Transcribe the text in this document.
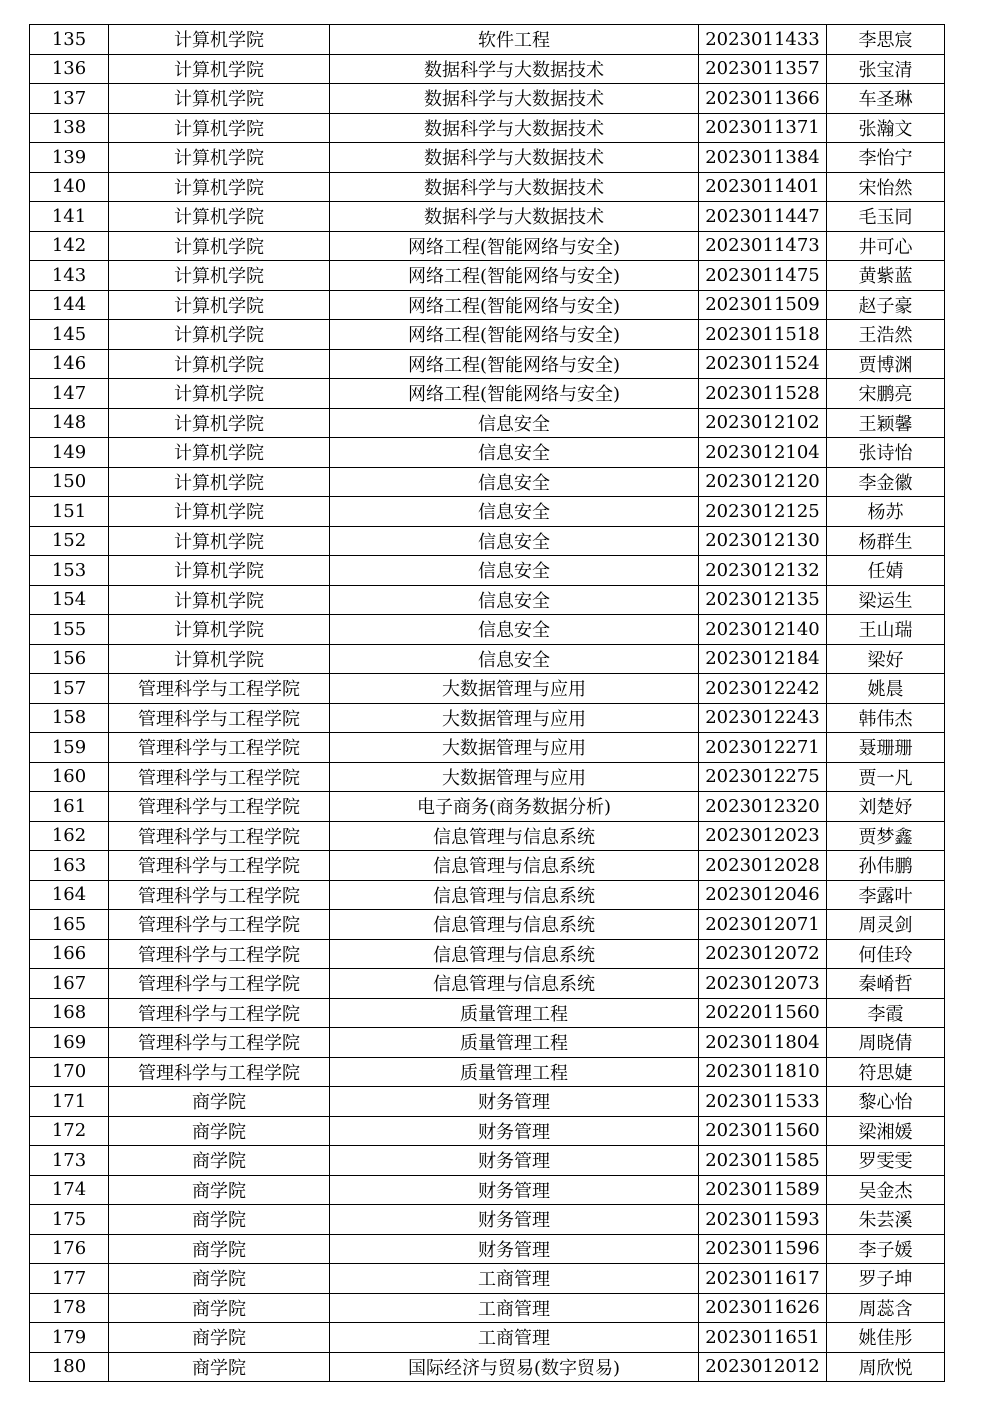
135	计算机学院	软件工程	2023011433	李思宸
136	计算机学院	数据科学与大数据技术	2023011357	张宝清
137	计算机学院	数据科学与大数据技术	2023011366	车圣琳
138	计算机学院	数据科学与大数据技术	2023011371	张瀚文
139	计算机学院	数据科学与大数据技术	2023011384	李怡宁
140	计算机学院	数据科学与大数据技术	2023011401	宋怡然
141	计算机学院	数据科学与大数据技术	2023011447	毛玉同
142	计算机学院	网络工程(智能网络与安全)	2023011473	井可心
143	计算机学院	网络工程(智能网络与安全)	2023011475	黄紫蓝
144	计算机学院	网络工程(智能网络与安全)	2023011509	赵子豪
145	计算机学院	网络工程(智能网络与安全)	2023011518	王浩然
146	计算机学院	网络工程(智能网络与安全)	2023011524	贾博渊
147	计算机学院	网络工程(智能网络与安全)	2023011528	宋鹏亮
148	计算机学院	信息安全	2023012102	王颖馨
149	计算机学院	信息安全	2023012104	张诗怡
150	计算机学院	信息安全	2023012120	李金徽
151	计算机学院	信息安全	2023012125	杨苏
152	计算机学院	信息安全	2023012130	杨群生
153	计算机学院	信息安全	2023012132	任婧
154	计算机学院	信息安全	2023012135	梁运生
155	计算机学院	信息安全	2023012140	王山瑞
156	计算机学院	信息安全	2023012184	梁好
157	管理科学与工程学院	大数据管理与应用	2023012242	姚晨
158	管理科学与工程学院	大数据管理与应用	2023012243	韩伟杰
159	管理科学与工程学院	大数据管理与应用	2023012271	聂珊珊
160	管理科学与工程学院	大数据管理与应用	2023012275	贾一凡
161	管理科学与工程学院	电子商务(商务数据分析)	2023012320	刘楚妤
162	管理科学与工程学院	信息管理与信息系统	2023012023	贾梦鑫
163	管理科学与工程学院	信息管理与信息系统	2023012028	孙伟鹏
164	管理科学与工程学院	信息管理与信息系统	2023012046	李露叶
165	管理科学与工程学院	信息管理与信息系统	2023012071	周灵剑
166	管理科学与工程学院	信息管理与信息系统	2023012072	何佳玲
167	管理科学与工程学院	信息管理与信息系统	2023012073	秦崤哲
168	管理科学与工程学院	质量管理工程	2022011560	李霞
169	管理科学与工程学院	质量管理工程	2023011804	周晓倩
170	管理科学与工程学院	质量管理工程	2023011810	符思婕
171	商学院	财务管理	2023011533	黎心怡
172	商学院	财务管理	2023011560	梁湘媛
173	商学院	财务管理	2023011585	罗雯雯
174	商学院	财务管理	2023011589	吴金杰
175	商学院	财务管理	2023011593	朱芸溪
176	商学院	财务管理	2023011596	李子媛
177	商学院	工商管理	2023011617	罗子坤
178	商学院	工商管理	2023011626	周蕊含
179	商学院	工商管理	2023011651	姚佳彤
180	商学院	国际经济与贸易(数字贸易)	2023012012	周欣悦
